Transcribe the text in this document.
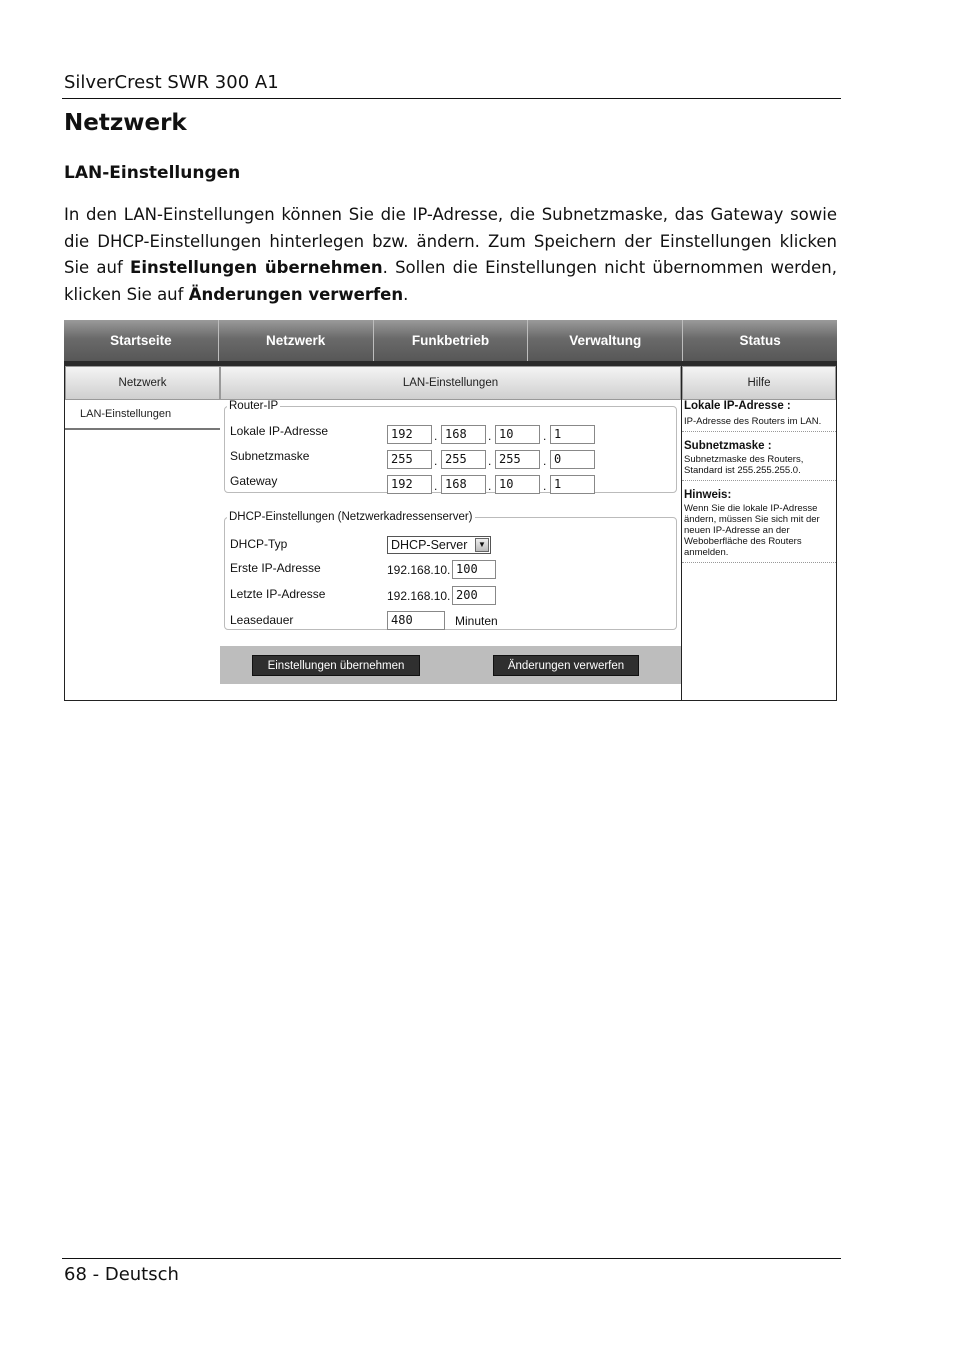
SilverCrest SWR 300 A1
Netzwerk
LAN-Einstellungen

In den LAN-Einstellungen können Sie die IP-Adresse, die Subnetzmaske, das Gateway sowie die DHCP-Einstellungen hinterlegen bzw. ändern. Zum Speichern der Einstellungen klicken Sie auf Einstellungen übernehmen. Sollen die Einstellungen nicht übernommen werden, klicken Sie auf Änderungen verwerfen.

Startseite	Netzwerk	Funkbetrieb	Verwaltung	Status
Netzwerk
LAN-Einstellungen
LAN-Einstellungen
Router-IP
Lokale IP-Adresse	192	. 168	. 10	. 1
Subnetzmaske	255	. 255	. 255	. 0
Gateway	192	. 168	. 10	. 1
DHCP-Einstellungen (Netzwerkadressenserver)
DHCP-Typ	DHCP-Server	▼
Erste IP-Adresse	192.168.10. 100
Letzte IP-Adresse	192.168.10. 200
Leasedauer	480	Minuten
Einstellungen übernehmen	Änderungen verwerfen
Hilfe
Lokale IP-Adresse :
IP-Adresse des Routers im LAN.
Subnetzmaske :
Subnetzmaske des Routers, Standard ist 255.255.255.0.
Hinweis:
Wenn Sie die lokale IP-Adresse ändern, müssen Sie sich mit der neuen IP-Adresse an der Weboberfläche des Routers anmelden.
68 - Deutsch
